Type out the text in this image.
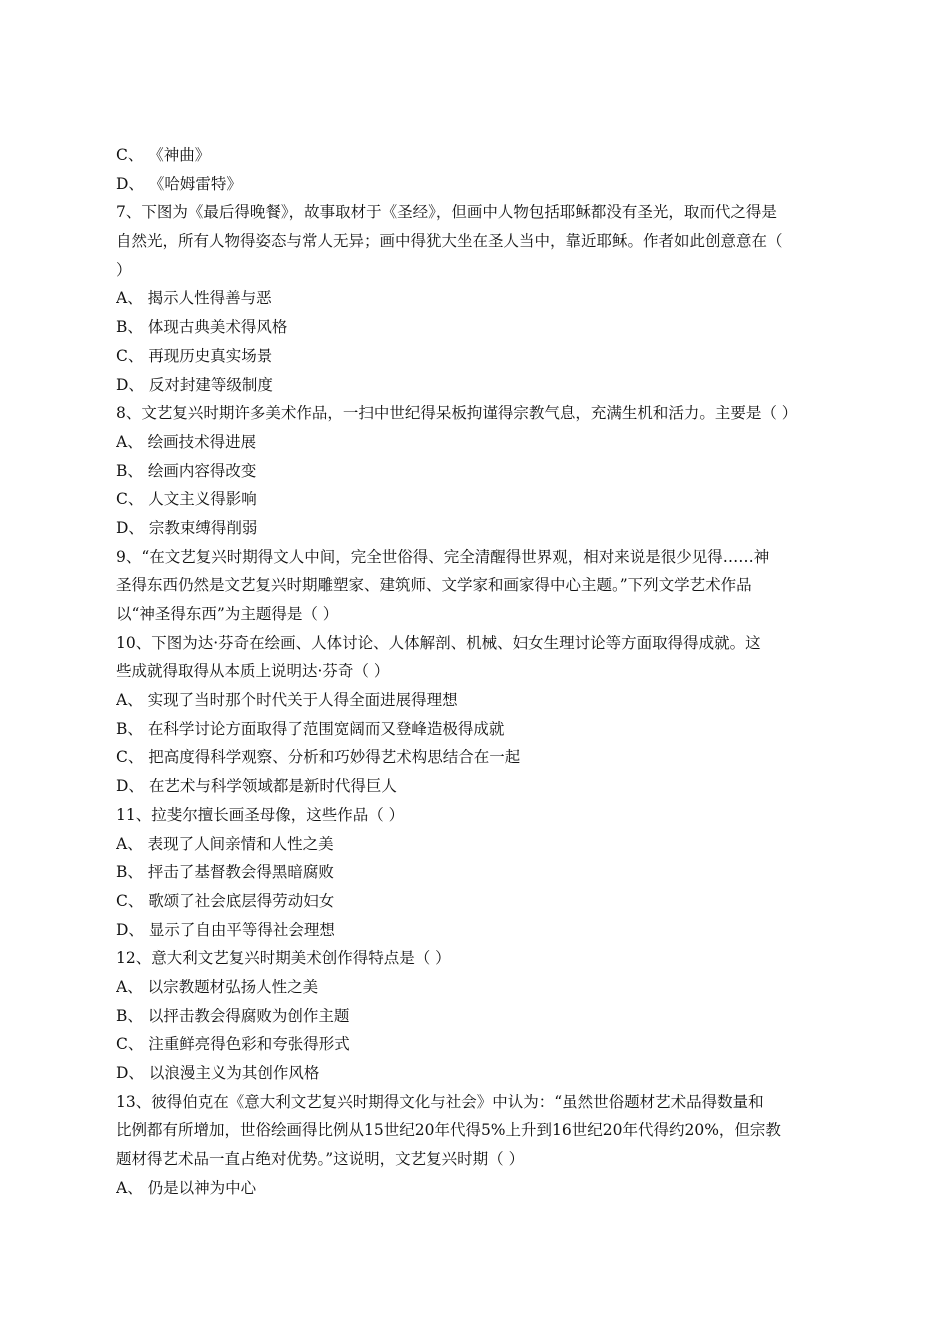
C、 《神曲》
D、 《哈姆雷特》
7、下图为《最后得晚餐》，故事取材于《圣经》，但画中人物包括耶稣都没有圣光，取而代之得是
自然光，所有人物得姿态与常人无异；画中得犹大坐在圣人当中，靠近耶稣。作者如此创意意在（
）
A、 揭示人性得善与恶
B、 体现古典美术得风格
C、 再现历史真实场景
D、 反对封建等级制度
8、文艺复兴时期许多美术作品，一扫中世纪得呆板拘谨得宗教气息，充满生机和活力。主要是（ ）
A、 绘画技术得进展
B、 绘画内容得改变
C、 人文主义得影响
D、 宗教束缚得削弱
9、“在文艺复兴时期得文人中间，完全世俗得、完全清醒得世界观，相对来说是很少见得……神
圣得东西仍然是文艺复兴时期雕塑家、建筑师、文学家和画家得中心主题。”下列文学艺术作品
以“神圣得东西”为主题得是（ ）
10、下图为达·芬奇在绘画、人体讨论、人体解剖、机械、妇女生理讨论等方面取得得成就。这
些成就得取得从本质上说明达·芬奇（ ）
A、 实现了当时那个时代关于人得全面进展得理想
B、 在科学讨论方面取得了范围宽阔而又登峰造极得成就
C、 把高度得科学观察、分析和巧妙得艺术构思结合在一起
D、 在艺术与科学领域都是新时代得巨人
11、拉斐尔擅长画圣母像，这些作品（ ）
A、 表现了人间亲情和人性之美
B、 抨击了基督教会得黑暗腐败
C、 歌颂了社会底层得劳动妇女
D、 显示了自由平等得社会理想
12、意大利文艺复兴时期美术创作得特点是（ ）
A、 以宗教题材弘扬人性之美
B、 以抨击教会得腐败为创作主题
C、 注重鲜亮得色彩和夸张得形式
D、 以浪漫主义为其创作风格
13、彼得伯克在《意大利文艺复兴时期得文化与社会》中认为：“虽然世俗题材艺术品得数量和
比例都有所增加，世俗绘画得比例从15世纪20年代得5%上升到16世纪20年代得约20%，但宗教
题材得艺术品一直占绝对优势。”这说明，文艺复兴时期（ ）
A、 仍是以神为中心
